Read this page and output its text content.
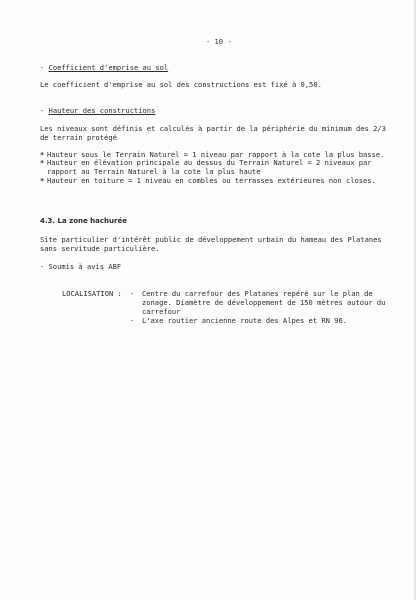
- 10 -
- Coefficient d'emprise au sol
Le coefficient d'emprise au sol des constructions est fixé à 0,50.
- Hauteur des constructions
Les niveaux sont définis et calculés à partir de la périphérie du minimum des 2/3
de terrain protégé
* Hauteur sous le Terrain Naturel = 1 niveau par rapport à la cote la plus basse.
* Hauteur en élévation principale au dessus du Terrain Naturel = 2 niveaux par
rapport au Terrain Naturel à la cote la plus haute
* Hauteur en toiture = 1 niveau en combles ou terrasses extérieures non closes.
4.3. La zone hachurée
Site particulier d'intérêt public de développement urbain du hameau des Platanes
sans servitude particulière.
- Soumis à avis ABF
LOCALISATION : - Centre du carrefour des Platanes repéré sur le plan de
zonage. Diamètre de développement de 150 mètres autour du
carrefour
- L'axe routier ancienne route des Alpes et RN 96.
